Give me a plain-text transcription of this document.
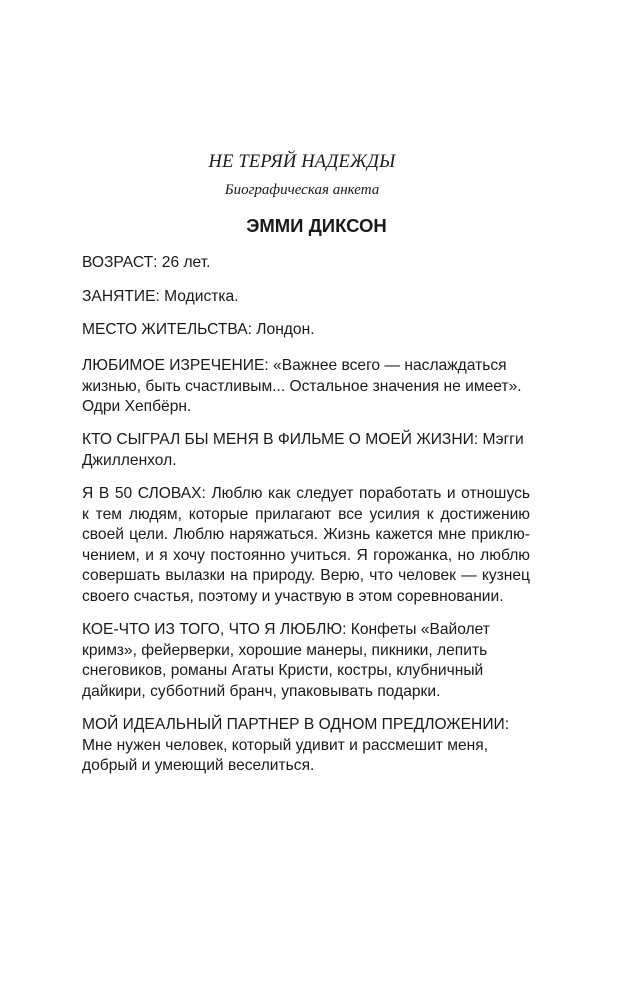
НЕ ТЕРЯЙ НАДЕЖДЫ
Биографическая анкета
ЭММИ ДИКСОН
ВОЗРАСТ: 26 лет.
ЗАНЯТИЕ: Модистка.
МЕСТО ЖИТЕЛЬСТВА: Лондон.
ЛЮБИМОЕ ИЗРЕЧЕНИЕ: «Важнее всего — наслаждаться
жизнью, быть счастливым... Остальное значения не имеет».
Одри Хепбёрн.
КТО СЫГРАЛ БЫ МЕНЯ В ФИЛЬМЕ О МОЕЙ ЖИЗНИ: Мэгги
Джилленхол.
Я В 50 СЛОВАХ: Люблю как следует поработать и отношусь
к тем людям, которые прилагают все усилия к достижению
своей цели. Люблю наряжаться. Жизнь кажется мне приклю-
чением, и я хочу постоянно учиться. Я горожанка, но люблю
совершать вылазки на природу. Верю, что человек — кузнец
своего счастья, поэтому и участвую в этом соревновании.
КОЕ-ЧТО ИЗ ТОГО, ЧТО Я ЛЮБЛЮ: Конфеты «Вайолет
кримз», фейерверки, хорошие манеры, пикники, лепить
снеговиков, романы Агаты Кристи, костры, клубничный
дайкири, субботний бранч, упаковывать подарки.
МОЙ ИДЕАЛЬНЫЙ ПАРТНЕР В ОДНОМ ПРЕДЛОЖЕНИИ:
Мне нужен человек, который удивит и рассмешит меня,
добрый и умеющий веселиться.
